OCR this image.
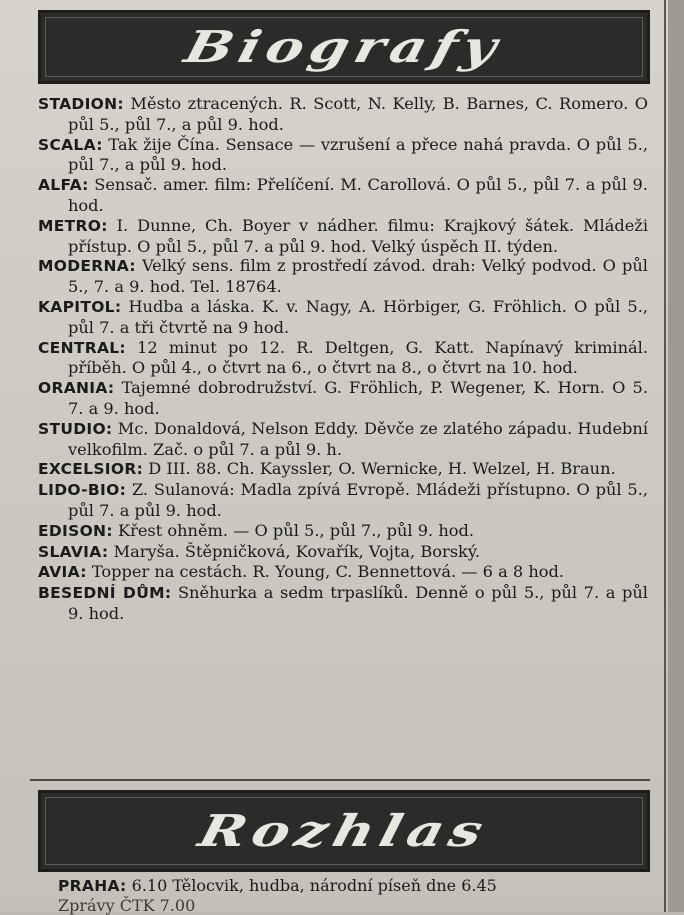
Biografy

STADION: Město ztracených. R. Scott, N. Kelly, B. Barnes, C. Romero. O půl 5., půl 7., a půl 9. hod.

SCALA: Tak žije Čína. Sensace — vzrušení a přece nahá pravda. O půl 5., půl 7., a půl 9. hod.

ALFA: Sensač. amer. film: Přelíčení. M. Carollová. O půl 5., půl 7. a půl 9. hod.

METRO: I. Dunne, Ch. Boyer v nádher. filmu: Krajkový šátek. Mládeži přístup. O půl 5., půl 7. a půl 9. hod. Velký úspěch II. týden.

MODERNA: Velký sens. film z prostředí závod. drah: Velký podvod. O půl 5., 7. a 9. hod. Tel. 18764.

KAPITOL: Hudba a láska. K. v. Nagy, A. Hörbiger, G. Fröhlich. O půl 5., půl 7. a tři čtvrtě na 9 hod.

CENTRAL: 12 minut po 12. R. Deltgen, G. Katt. Napínavý kriminál. příběh. O půl 4., o čtvrt na 6., o čtvrt na 8., o čtvrt na 10. hod.

ORANIA: Tajemné dobrodružství. G. Fröhlich, P. Wegener, K. Horn. O 5. 7. a 9. hod.

STUDIO: Mc. Donaldová, Nelson Eddy. Děvče ze zlatého západu. Hudební velkofilm. Zač. o půl 7. a půl 9. h.

EXCELSIOR: D III. 88. Ch. Kayssler, O. Wernicke, H. Welzel, H. Braun.

LIDO-BIO: Z. Sulanová: Madla zpívá Evropě. Mládeži přístupno. O půl 5., půl 7. a půl 9. hod.

EDISON: Křest ohněm. — O půl 5., půl 7., půl 9. hod.

SLAVIA: Maryša. Štěpničková, Kovařík, Vojta, Borský.

AVIA: Topper na cestách. R. Young, C. Bennettová. — 6 a 8 hod.

BESEDNÍ DŮM: Sněhurka a sedm trpaslíků. Denně o půl 5., půl 7. a půl 9. hod.

Rozhlas
PRAHA: 6.10 Tělocvik, hudba, národní píseň dne 6.45
Zprávy ČTK 7.00
